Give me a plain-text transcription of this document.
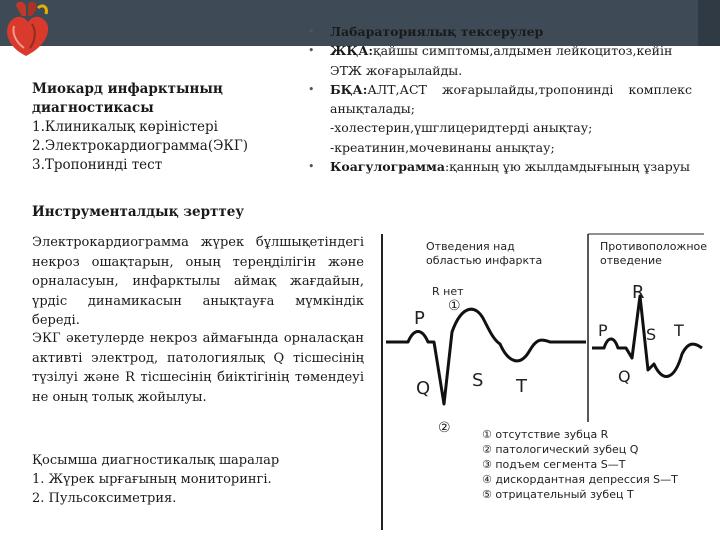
Миокард инфарктының
диагностикасы
1.Клиникалық көріністері
2.Электрокардиограмма(ЭКГ)
3.Тропонинді тест
Инструменталдық зерттеу
Электрокардиограмма жүрек бұлшықетіндегі некроз ошақтарын, оның тереңділігін және орналасуын, инфарктылы аймақ жағдайын, үрдіс динамикасын анықтауға мүмкіндік береді.
ЭКГ әкетулерде некроз аймағында орналасқан активті электрод, патологиялық Q тісшесінің түзілуі және R тісшесінің биіктігінің төмендеуі не оның толық жойылуы.
Қосымша диагностикалық шаралар
1. Жүрек ырғағының мониторингі.
2. Пульсоксиметрия.
• Лабараториялық тексерулер
• ЖҚА:қайшы симптомы,алдымен лейкоцитоз,кейін ЭТЖ жоғарылайды.
• БҚА:АЛТ,АСТ жоғарылайды,тропонинді комплекс анықталады;
-холестерин,үшглицеридтерді анықтау;
-креатинин,мочевинаны анықтау;
• Коагулограмма:қанның ұю жылдамдығының ұзаруы
Отведения над
областью инфаркта
Противоположное
отведение
R нет
①
②
P
Q S T
R
P S T
Q
① отсутствие зубца R
② патологический зубец Q
③ подъем сегмента S—T
④ дискордантная депрессия S—T
⑤ отрицательный зубец T
